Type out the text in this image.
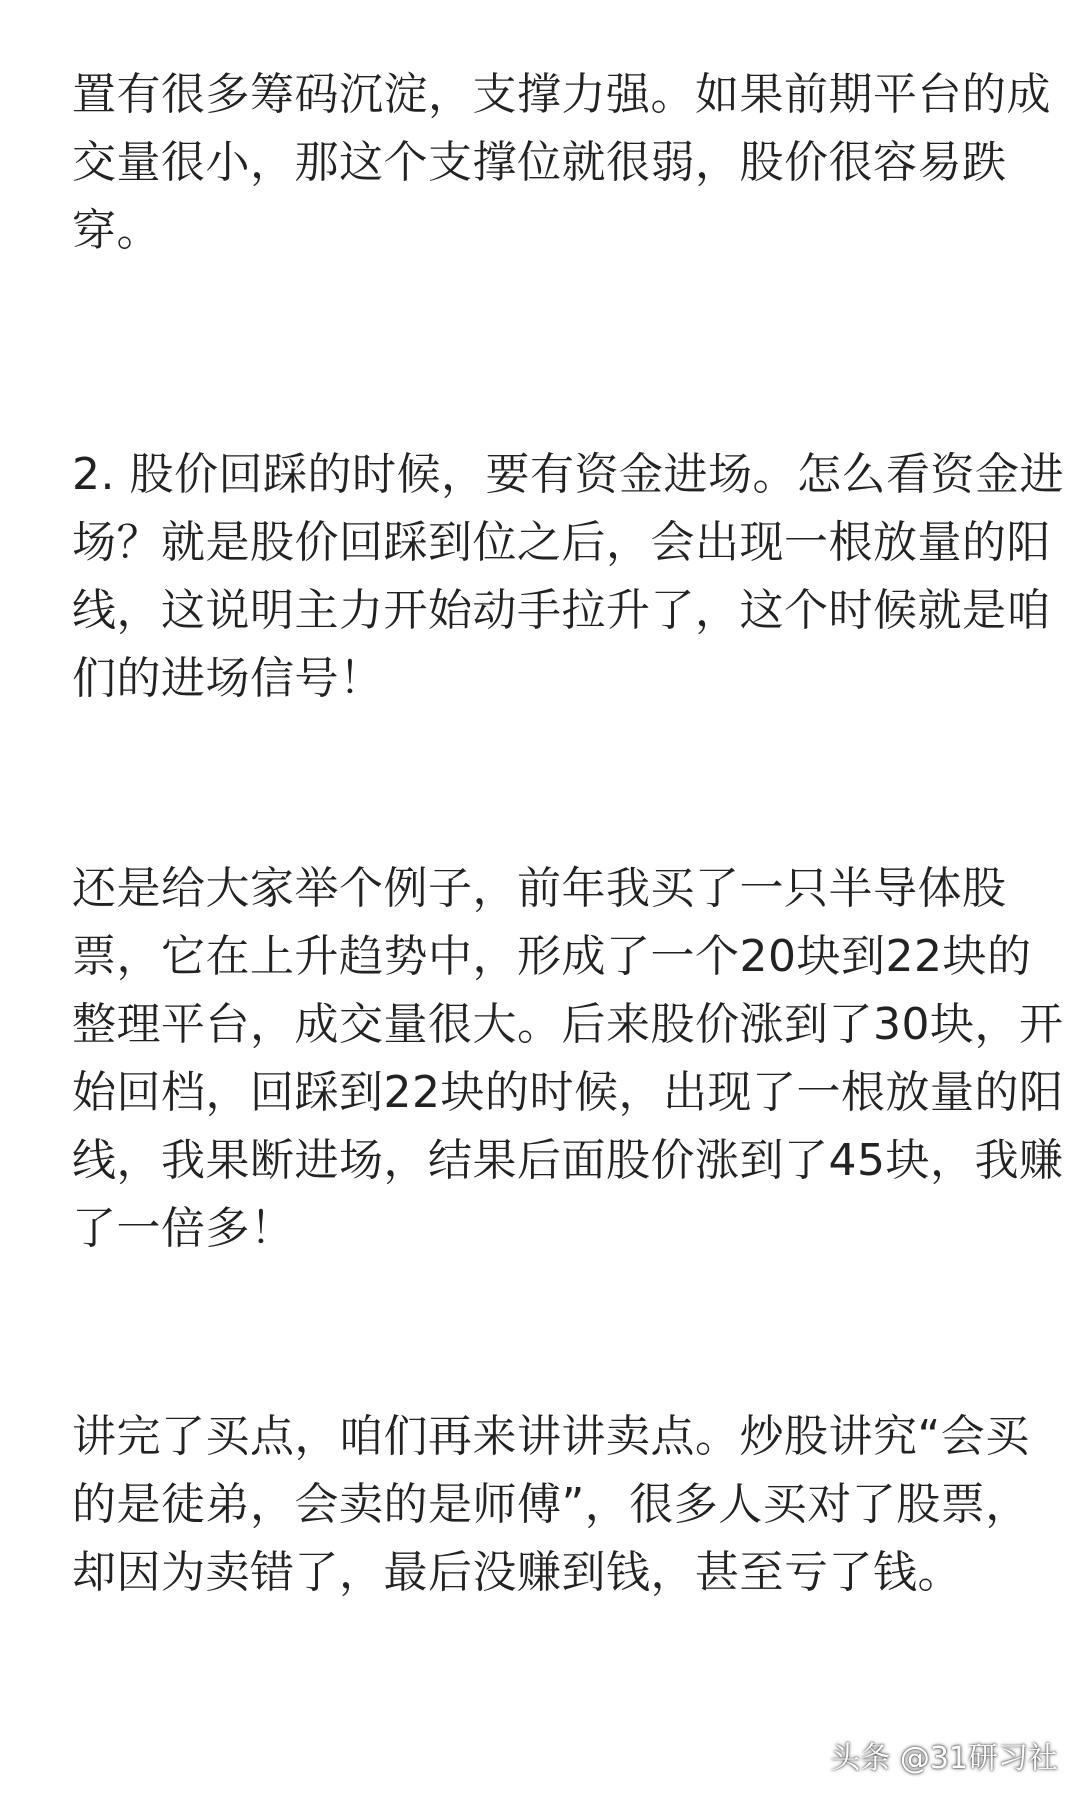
置有很多筹码沉淀，支撑力强。如果前期平台的成
交量很小，那这个支撑位就很弱，股价很容易跌
穿。
2. 股价回踩的时候，要有资金进场。怎么看资金进
场？就是股价回踩到位之后，会出现一根放量的阳
线，这说明主力开始动手拉升了，这个时候就是咱
们的进场信号！
还是给大家举个例子，前年我买了一只半导体股
票，它在上升趋势中，形成了一个20块到22块的
整理平台，成交量很大。后来股价涨到了30块，开
始回档，回踩到22块的时候，出现了一根放量的阳
线，我果断进场，结果后面股价涨到了45块，我赚
了一倍多！
讲完了买点，咱们再来讲讲卖点。炒股讲究“会买
的是徒弟，会卖的是师傅”，很多人买对了股票，
却因为卖错了，最后没赚到钱，甚至亏了钱。
头条 @31研习社
